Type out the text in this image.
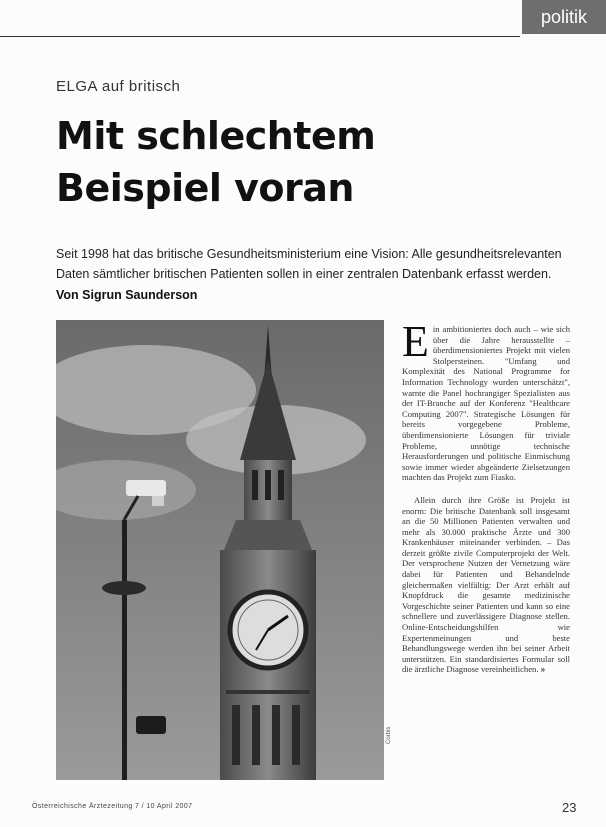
politik
ELGA auf britisch
Mit schlechtem
Beispiel voran
Seit 1998 hat das britische Gesundheitsministerium eine Vision: Alle gesundheitsrelevanten Daten sämtlicher britischen Patienten sollen in einer zentralen Datenbank erfasst werden.
Von Sigrun Saunderson
Corbis

Ein ambitioniertes doch auch – wie sich über die Jahre herausstellte – überdimensioniertes Projekt mit vielen Stolpersteinen. "Umfang und Komplexität des National Programme for Information Technology wurden unterschätzt", warnte die Panel hochrangiger Spezialisten aus der IT-Branche auf der Konferenz "Healthcare Computing 2007". Strategische Lösungen für bereits vorgegebene Probleme, überdimensionierte Lösungen für triviale Probleme, unnötige technische Herausforderungen und politische Einmischung sowie immer wieder abgeänderte Zielsetzungen machten das Projekt zum Fiasko.

Allein durch ihre Größe ist Projekt ist enorm: Die britische Datenbank soll insgesamt an die 50 Millionen Patienten verwalten und mehr als 30.000 praktische Ärzte und 300 Krankenhäuser miteinander verbinden. – Das derzeit größte zivile Computerprojekt der Welt. Der versprochene Nutzen der Vernetzung wäre dabei für Patienten und Behandelnde gleichermaßen vielfältig: Der Arzt erhält auf Knopfdruck die gesamte medizinische Vorgeschichte seiner Patienten und kann so eine schnellere und zuverlässigere Diagnose stellen. Online-Entscheidungshilfen wie Expertenmeinungen und beste Behandlungswege werden ihn bei seiner Arbeit unterstützen. Ein standardisiertes Formular soll die ärztliche Diagnose vereinheitlichen. »

Österreichische Ärztezeitung 7 / 10 April 2007	23
